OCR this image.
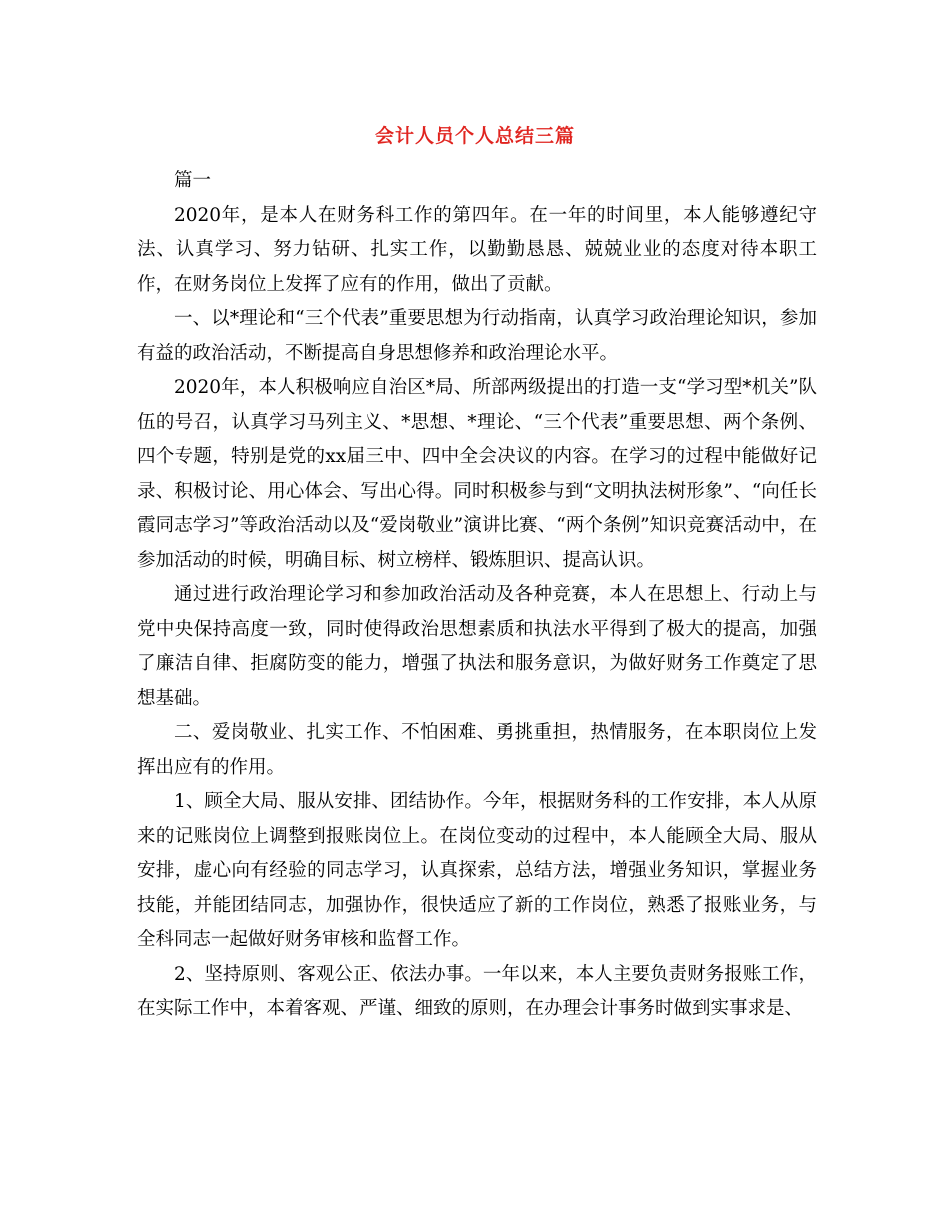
会计人员个人总结三篇

篇一

2020年，是本人在财务科工作的第四年。在一年的时间里，本人能够遵纪守法、认真学习、努力钻研、扎实工作，以勤勤恳恳、兢兢业业的态度对待本职工作，在财务岗位上发挥了应有的作用，做出了贡献。

一、以*理论和“三个代表”重要思想为行动指南，认真学习政治理论知识，参加有益的政治活动，不断提高自身思想修养和政治理论水平。

2020年，本人积极响应自治区*局、所部两级提出的打造一支“学习型*机关”队伍的号召，认真学习马列主义、*思想、*理论、“三个代表”重要思想、两个条例、四个专题，特别是党的xx届三中、四中全会决议的内容。在学习的过程中能做好记录、积极讨论、用心体会、写出心得。同时积极参与到“文明执法树形象”、“向任长霞同志学习”等政治活动以及“爱岗敬业”演讲比赛、“两个条例”知识竞赛活动中，在参加活动的时候，明确目标、树立榜样、锻炼胆识、提高认识。

通过进行政治理论学习和参加政治活动及各种竞赛，本人在思想上、行动上与党中央保持高度一致，同时使得政治思想素质和执法水平得到了极大的提高，加强了廉洁自律、拒腐防变的能力，增强了执法和服务意识，为做好财务工作奠定了思想基础。

二、爱岗敬业、扎实工作、不怕困难、勇挑重担，热情服务，在本职岗位上发挥出应有的作用。

1、顾全大局、服从安排、团结协作。今年，根据财务科的工作安排，本人从原来的记账岗位上调整到报账岗位上。在岗位变动的过程中，本人能顾全大局、服从安排，虚心向有经验的同志学习，认真探索，总结方法，增强业务知识，掌握业务技能，并能团结同志，加强协作，很快适应了新的工作岗位，熟悉了报账业务，与全科同志一起做好财务审核和监督工作。

2、坚持原则、客观公正、依法办事。一年以来，本人主要负责财务报账工作，在实际工作中，本着客观、严谨、细致的原则，在办理会计事务时做到实事求是、
